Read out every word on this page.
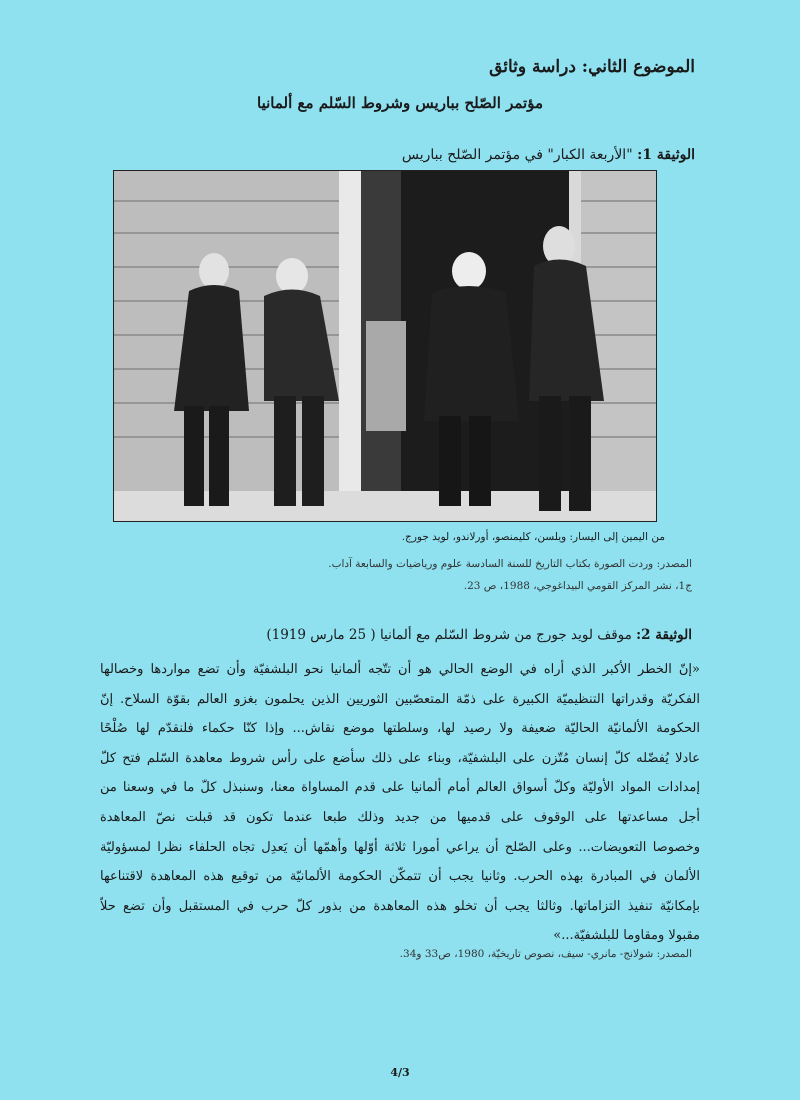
الموضوع الثاني: دراسة وثائق
مؤتمر الصّلح بباريس وشروط السّلم مع ألمانيا
الوثيقة 1: "الأربعة الكبار" في مؤتمر الصّلح بباريس
من اليمين إلى اليسار: ويلسن، كليمنصو، أورلاندو، لويد جورج.
المصدر: وردت الصورة بكتاب التاريخ للسنة السادسة علوم ورياضيات والسابعة آداب.
ج1، نشر المركز القومي البيداغوجي، 1988، ص 23.
الوثيقة 2: موقف لويد جورج من شروط السّلم مع ألمانيا ( 25 مارس 1919)
«إنّ الخطر الأكبر الذي أراه في الوضع الحالي هو أن تتّجه ألمانيا نحو البلشفيّة وأن تضع مواردها وخصالها
الفكريّة وقدراتها التنظيميّة الكبيرة على ذمّة المتعصّبين الثوريين الذين يحلمون بغزو العالم بقوّة السلاح. إنّ
الحكومة الألمانيّة الحاليّة ضعيفة ولا رصيد لها، وسلطتها موضع نقاش... وإذا كنّا حكماء فلنقدّم لها صُلْحًا
عادلا يُفضّله كلّ إنسان مُتّزن على البلشفيّة، وبناء على ذلك سأضع على رأس شروط معاهدة السّلم فتح كلّ
إمدادات المواد الأوليّة وكلّ أسواق العالم أمام ألمانيا على قدم المساواة معنا، وسنبذل كلّ ما في وسعنا من
أجل مساعدتها على الوقوف على قدميها من جديد وذلك طبعا عندما تكون قد قبلت نصّ المعاهدة
وخصوصا التعويضات... وعلى الصّلح أن يراعي أمورا ثلاثة أوّلها وأهمّها أن يَعدِل تجاه الحلفاء نظرا لمسؤوليّة
الألمان في المبادرة بهذه الحرب. وثانيا يجب أن تتمكّن الحكومة الألمانيّة من توقيع هذه المعاهدة لاقتناعها
بإمكانيّة تنفيذ التزاماتها. وثالثا يجب أن تخلو هذه المعاهدة من بذور كلّ حرب في المستقبل وأن تضع حلاّ
مقبولا ومقاوما للبلشفيّة...»
المصدر: شولانج- مانري- سيف، نصوص تاريخيّة، 1980، ص33 و34.
4/3
